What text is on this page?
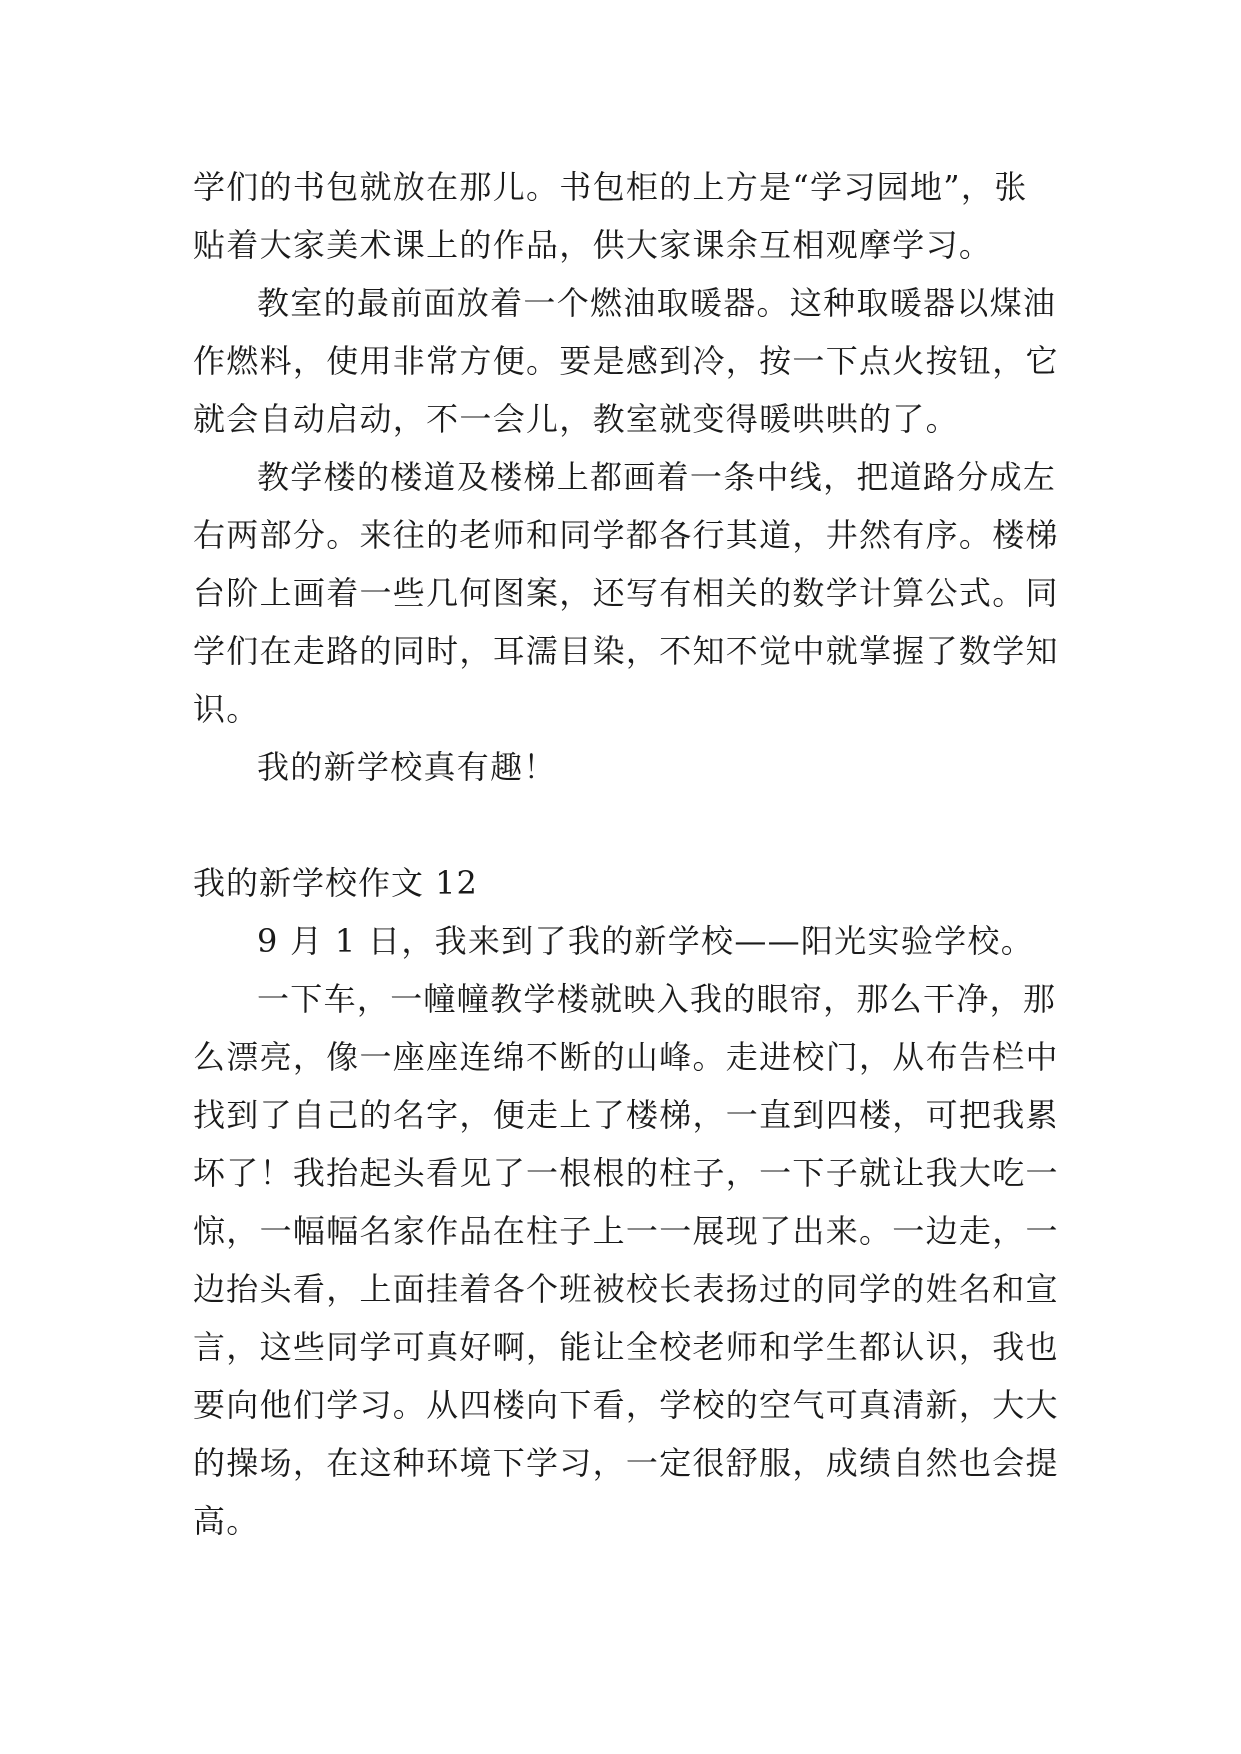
学们的书包就放在那儿。书包柜的上方是“学习园地”，张
贴着大家美术课上的作品，供大家课余互相观摩学习。
教室的最前面放着一个燃油取暖器。这种取暖器以煤油
作燃料，使用非常方便。要是感到冷，按一下点火按钮，它
就会自动启动，不一会儿，教室就变得暖哄哄的了。
教学楼的楼道及楼梯上都画着一条中线，把道路分成左
右两部分。来往的老师和同学都各行其道，井然有序。楼梯
台阶上画着一些几何图案，还写有相关的数学计算公式。同
学们在走路的同时，耳濡目染，不知不觉中就掌握了数学知
识。
我的新学校真有趣！
我的新学校作文 12
9 月 1 日，我来到了我的新学校——阳光实验学校。
一下车，一幢幢教学楼就映入我的眼帘，那么干净，那
么漂亮，像一座座连绵不断的山峰。走进校门，从布告栏中
找到了自己的名字，便走上了楼梯，一直到四楼，可把我累
坏了！我抬起头看见了一根根的柱子，一下子就让我大吃一
惊，一幅幅名家作品在柱子上一一展现了出来。一边走，一
边抬头看，上面挂着各个班被校长表扬过的同学的姓名和宣
言，这些同学可真好啊，能让全校老师和学生都认识，我也
要向他们学习。从四楼向下看，学校的空气可真清新，大大
的操场，在这种环境下学习，一定很舒服，成绩自然也会提
高。
